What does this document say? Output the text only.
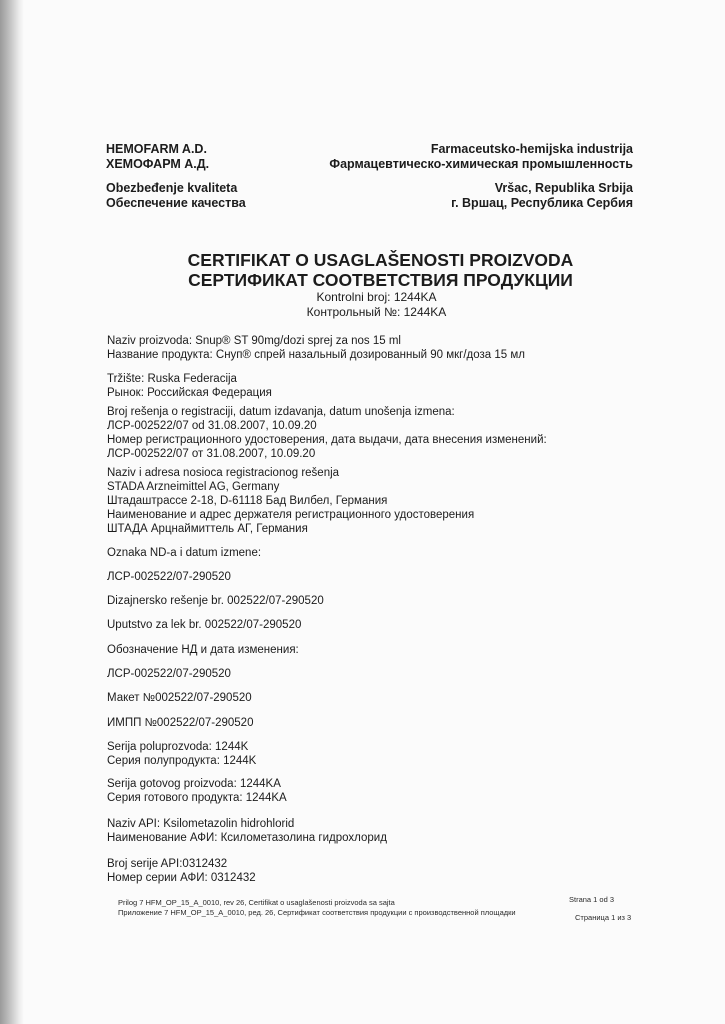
HEMOFARM A.D.
ХЕМОФАРМ А.Д.
Farmaceutsko-hemijska industrija
Фармацевтическо-химическая промышленность
Obezbeđenje kvaliteta
Обеспечение качества
Vršac, Republika Srbija
г. Вршац, Республика Сербия
CERTIFIKAT O USAGLAŠENOSTI PROIZVODA
СЕРТИФИКАТ СООТВЕТСТВИЯ ПРОДУКЦИИ
Kontrolni broj: 1244KA
Контрольный №: 1244KA
Naziv proizvoda: Snup® ST 90mg/dozi sprej za nos 15 ml
Название продукта: Снуп® спрей назальный дозированный 90 мкг/доза 15 мл
Tržište: Ruska Federacija
Рынок: Российская Федерация
Broj rešenja o registraciji, datum izdavanja, datum unošenja izmena:
ЛСР-002522/07 od 31.08.2007, 10.09.20
Номер регистрационного удостоверения, дата выдачи, дата внесения изменений:
ЛСР-002522/07 от 31.08.2007, 10.09.20
Naziv i adresa nosioca registracionog rešenja
STADA Arzneimittel AG, Germany
Штадаштрассе 2-18, D-61118 Бад Вилбел, Германия
Наименование и адрес держателя регистрационного удостоверения
ШТАДА Арцнаймиттель АГ, Германия
Oznaka ND-a i datum izmene:
ЛСР-002522/07-290520
Dizajnersko rešenje br. 002522/07-290520
Uputstvo za lek br. 002522/07-290520
Обозначение НД и дата изменения:
ЛСР-002522/07-290520
Макет №002522/07-290520
ИМПП №002522/07-290520
Serija poluprozvoda: 1244K
Серия полупродукта: 1244K
Serija gotovog proizvoda: 1244KA
Серия готового продукта: 1244KA
Naziv API: Ksilometazolin hidrohlorid
Наименование АФИ: Ксилометазолина гидрохлорид
Broj serije API:0312432
Номер серии АФИ: 0312432
Prilog 7 HFM_OP_15_A_0010, rev 26, Certifikat o usaglašenosti proizvoda sa sajta
Приложение 7 HFM_OP_15_A_0010, ред. 26, Сертификат соответствия продукции с производственной площадки
Strana 1 od 3
Страница 1 из 3
